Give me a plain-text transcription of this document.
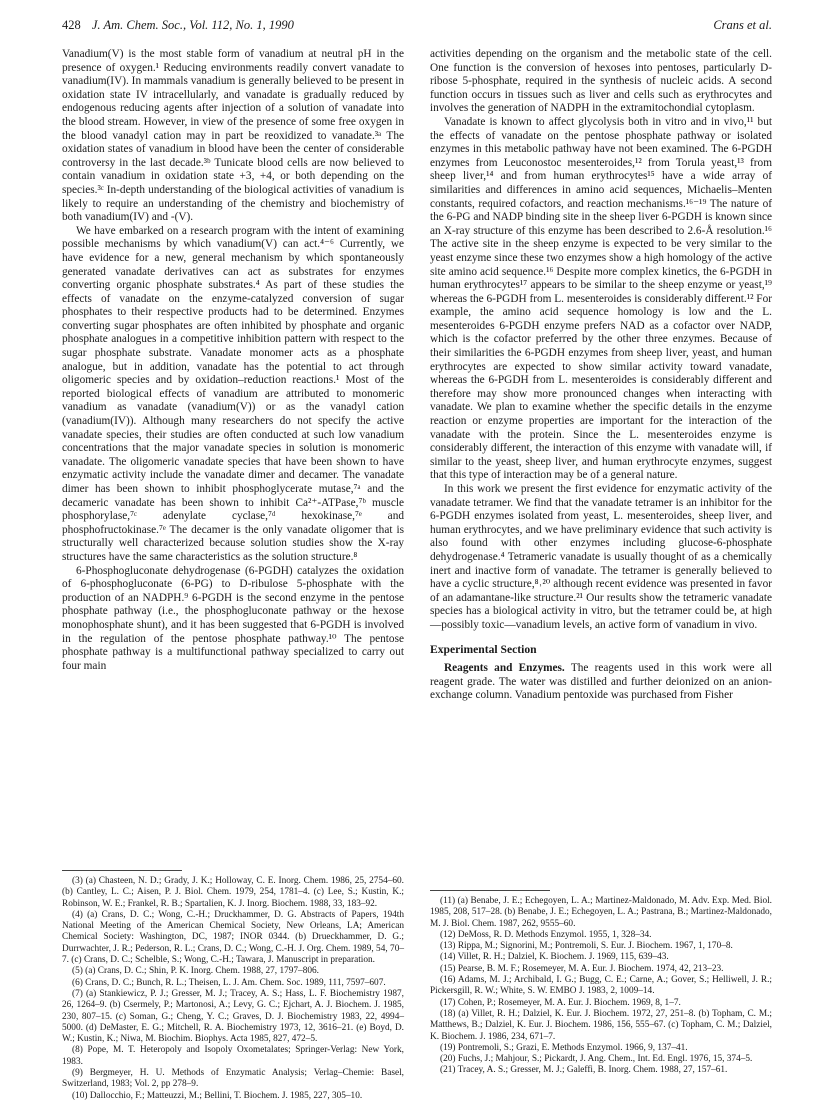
428 J. Am. Chem. Soc., Vol. 112, No. 1, 1990	Crans et al.

Vanadium(V) is the most stable form of vanadium at neutral pH in the presence of oxygen.¹ Reducing environments readily convert vanadate to vanadium(IV). In mammals vanadium is generally believed to be present in oxidation state IV intracellularly, and vanadate is gradually reduced by endogenous reducing agents after injection of a solution of vanadate into the blood stream. However, in view of the presence of some free oxygen in the blood vanadyl cation may in part be reoxidized to vanadate.³ᵃ The oxidation states of vanadium in blood have been the center of considerable controversy in the last decade.³ᵇ Tunicate blood cells are now believed to contain vanadium in oxidation state +3, +4, or both depending on the species.³ᶜ In-depth understanding of the biological activities of vanadium is likely to require an understanding of the chemistry and biochemistry of both vanadium(IV) and -(V).

We have embarked on a research program with the intent of examining possible mechanisms by which vanadium(V) can act.⁴⁻⁶ Currently, we have evidence for a new, general mechanism by which spontaneously generated vanadate derivatives can act as substrates for enzymes converting organic phosphate substrates.⁴ As part of these studies the effects of vanadate on the enzyme-catalyzed conversion of sugar phosphates to their respective products had to be determined. Enzymes converting sugar phosphates are often inhibited by phosphate and organic phosphate analogues in a competitive inhibition pattern with respect to the sugar phosphate substrate. Vanadate monomer acts as a phosphate analogue, but in addition, vanadate has the potential to act through oligomeric species and by oxidation–reduction reactions.¹ Most of the reported biological effects of vanadium are attributed to monomeric vanadium as vanadate (vanadium(V)) or as the vanadyl cation (vanadium(IV)). Although many researchers do not specify the active vanadate species, their studies are often conducted at such low vanadium concentrations that the major vanadate species in solution is monomeric vanadate. The oligomeric vanadate species that have been shown to have enzymatic activity include the vanadate dimer and decamer. The vanadate dimer has been shown to inhibit phosphoglycerate mutase,⁷ᵃ and the decameric vanadate has been shown to inhibit Ca²⁺-ATPase,⁷ᵇ muscle phosphorylase,⁷ᶜ adenylate cyclase,⁷ᵈ hexokinase,⁷ᵉ and phosphofructokinase.⁷ᵉ The decamer is the only vanadate oligomer that is structurally well characterized because solution studies show the X-ray structures have the same characteristics as the solution structure.⁸

6-Phosphogluconate dehydrogenase (6-PGDH) catalyzes the oxidation of 6-phosphogluconate (6-PG) to D-ribulose 5-phosphate with the production of an NADPH.⁹ 6-PGDH is the second enzyme in the pentose phosphate pathway (i.e., the phosphogluconate pathway or the hexose monophosphate shunt), and it has been suggested that 6-PGDH is involved in the regulation of the pentose phosphate pathway.¹⁰ The pentose phosphate pathway is a multifunctional pathway specialized to carry out four main

activities depending on the organism and the metabolic state of the cell. One function is the conversion of hexoses into pentoses, particularly D-ribose 5-phosphate, required in the synthesis of nucleic acids. A second function occurs in tissues such as liver and cells such as erythrocytes and involves the generation of NADPH in the extramitochondial cytoplasm.

Vanadate is known to affect glycolysis both in vitro and in vivo,¹¹ but the effects of vanadate on the pentose phosphate pathway or isolated enzymes in this metabolic pathway have not been examined. The 6-PGDH enzymes from Leuconostoc mesenteroides,¹² from Torula yeast,¹³ from sheep liver,¹⁴ and from human erythrocytes¹⁵ have a wide array of similarities and differences in amino acid sequences, Michaelis–Menten constants, required cofactors, and reaction mechanisms.¹⁶⁻¹⁹ The nature of the 6-PG and NADP binding site in the sheep liver 6-PGDH is known since an X-ray structure of this enzyme has been described to 2.6-Å resolution.¹⁶ The active site in the sheep enzyme is expected to be very similar to the yeast enzyme since these two enzymes show a high homology of the active site amino acid sequence.¹⁶ Despite more complex kinetics, the 6-PGDH in human erythrocytes¹⁷ appears to be similar to the sheep enzyme or yeast,¹⁹ whereas the 6-PGDH from L. mesenteroides is considerably different.¹² For example, the amino acid sequence homology is low and the L. mesenteroides 6-PGDH enzyme prefers NAD as a cofactor over NADP, which is the cofactor preferred by the other three enzymes. Because of their similarities the 6-PGDH enzymes from sheep liver, yeast, and human erythrocytes are expected to show similar activity toward vanadate, whereas the 6-PGDH from L. mesenteroides is considerably different and therefore may show more pronounced changes when interacting with vanadate. We plan to examine whether the specific details in the enzyme reaction or enzyme properties are important for the interaction of the vanadate with the protein. Since the L. mesenteroides enzyme is considerably different, the interaction of this enzyme with vanadate will, if similar to the yeast, sheep liver, and human erythrocyte enzymes, suggest that this type of interaction may be of a general nature.

In this work we present the first evidence for enzymatic activity of the vanadate tetramer. We find that the vanadate tetramer is an inhibitor for the 6-PGDH enzymes isolated from yeast, L. mesenteroides, sheep liver, and human erythrocytes, and we have preliminary evidence that such activity is also found with other enzymes including glucose-6-phosphate dehydrogenase.⁴ Tetrameric vanadate is usually thought of as a chemically inert and inactive form of vanadate. The tetramer is generally believed to have a cyclic structure,⁸˒²⁰ although recent evidence was presented in favor of an adamantane-like structure.²¹ Our results show the tetrameric vanadate species has a biological activity in vitro, but the tetramer could be, at high—possibly toxic—vanadium levels, an active form of vanadium in vivo.

Experimental Section

Reagents and Enzymes. The reagents used in this work were all reagent grade. The water was distilled and further deionized on an anion-exchange column. Vanadium pentoxide was purchased from Fisher

(3) (a) Chasteen, N. D.; Grady, J. K.; Holloway, C. E. Inorg. Chem. 1986, 25, 2754–60. (b) Cantley, L. C.; Aisen, P. J. Biol. Chem. 1979, 254, 1781–4. (c) Lee, S.; Kustin, K.; Robinson, W. E.; Frankel, R. B.; Spartalien, K. J. Inorg. Biochem. 1988, 33, 183–92.

(4) (a) Crans, D. C.; Wong, C.-H.; Druckhammer, D. G. Abstracts of Papers, 194th National Meeting of the American Chemical Society, New Orleans, LA; American Chemical Society: Washington, DC, 1987; INOR 0344. (b) Drueckhammer, D. G.; Durrwachter, J. R.; Pederson, R. L.; Crans, D. C.; Wong, C.-H. J. Org. Chem. 1989, 54, 70–7. (c) Crans, D. C.; Schelble, S.; Wong, C.-H.; Tawara, J. Manuscript in preparation.

(5) (a) Crans, D. C.; Shin, P. K. Inorg. Chem. 1988, 27, 1797–806.

(6) Crans, D. C.; Bunch, R. L.; Theisen, L. J. Am. Chem. Soc. 1989, 111, 7597–607.

(7) (a) Stankiewicz, P. J.; Gresser, M. J.; Tracey, A. S.; Hass, L. F. Biochemistry 1987, 26, 1264–9. (b) Csermely, P.; Martonosi, A.; Levy, G. C.; Ejchart, A. J. Biochem. J. 1985, 230, 807–15. (c) Soman, G.; Cheng, Y. C.; Graves, D. J. Biochemistry 1983, 22, 4994–5000. (d) DeMaster, E. G.; Mitchell, R. A. Biochemistry 1973, 12, 3616–21. (e) Boyd, D. W.; Kustin, K.; Niwa, M. Biochim. Biophys. Acta 1985, 827, 472–5.

(8) Pope, M. T. Heteropoly and Isopoly Oxometalates; Springer-Verlag: New York, 1983.

(9) Bergmeyer, H. U. Methods of Enzymatic Analysis; Verlag–Chemie: Basel, Switzerland, 1983; Vol. 2, pp 278–9.

(10) Dallocchio, F.; Matteuzzi, M.; Bellini, T. Biochem. J. 1985, 227, 305–10.

(11) (a) Benabe, J. E.; Echegoyen, L. A.; Martinez-Maldonado, M. Adv. Exp. Med. Biol. 1985, 208, 517–28. (b) Benabe, J. E.; Echegoyen, L. A.; Pastrana, B.; Martinez-Maldonado, M. J. Biol. Chem. 1987, 262, 9555–60.

(12) DeMoss, R. D. Methods Enzymol. 1955, 1, 328–34.

(13) Rippa, M.; Signorini, M.; Pontremoli, S. Eur. J. Biochem. 1967, 1, 170–8.

(14) Villet, R. H.; Dalziel, K. Biochem. J. 1969, 115, 639–43.

(15) Pearse, B. M. F.; Rosemeyer, M. A. Eur. J. Biochem. 1974, 42, 213–23.

(16) Adams, M. J.; Archibald, I. G.; Bugg, C. E.; Carne, A.; Gover, S.; Helliwell, J. R.; Pickersgill, R. W.; White, S. W. EMBO J. 1983, 2, 1009–14.

(17) Cohen, P.; Rosemeyer, M. A. Eur. J. Biochem. 1969, 8, 1–7.

(18) (a) Villet, R. H.; Dalziel, K. Eur. J. Biochem. 1972, 27, 251–8. (b) Topham, C. M.; Matthews, B.; Dalziel, K. Eur. J. Biochem. 1986, 156, 555–67. (c) Topham, C. M.; Dalziel, K. Biochem. J. 1986, 234, 671–7.

(19) Pontremoli, S.; Grazi, E. Methods Enzymol. 1966, 9, 137–41.

(20) Fuchs, J.; Mahjour, S.; Pickardt, J. Ang. Chem., Int. Ed. Engl. 1976, 15, 374–5.

(21) Tracey, A. S.; Gresser, M. J.; Galeffi, B. Inorg. Chem. 1988, 27, 157–61.
